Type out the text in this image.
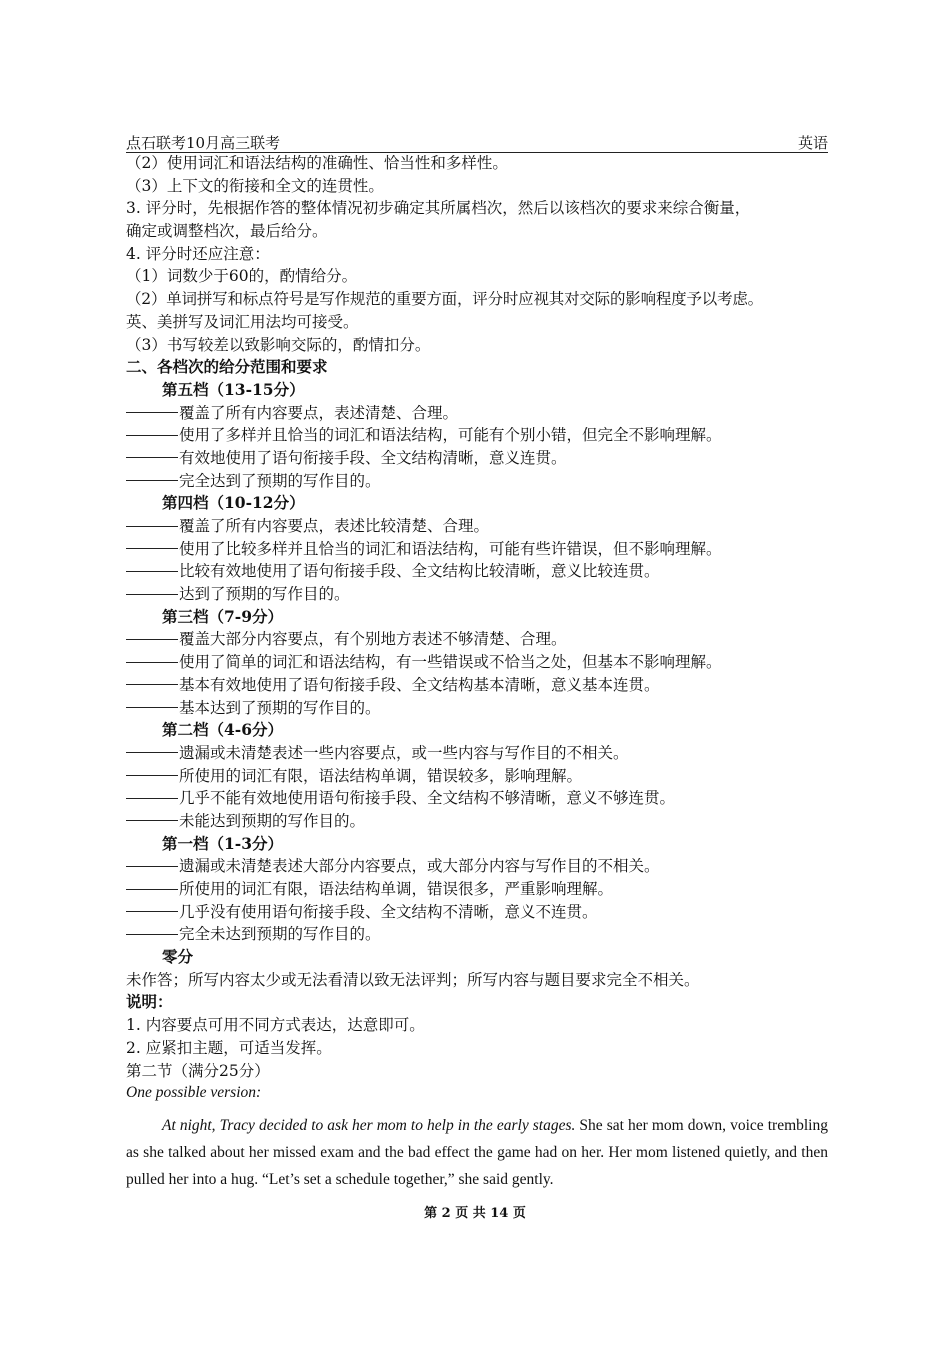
点石联考10月高三联考	英语
（2）使用词汇和语法结构的准确性、恰当性和多样性。
（3）上下文的衔接和全文的连贯性。
3. 评分时，先根据作答的整体情况初步确定其所属档次，然后以该档次的要求来综合衡量，
确定或调整档次，最后给分。
4. 评分时还应注意：
（1）词数少于60的，酌情给分。
（2）单词拼写和标点符号是写作规范的重要方面，评分时应视其对交际的影响程度予以考虑。
英、美拼写及词汇用法均可接受。
（3）书写较差以致影响交际的，酌情扣分。
二、各档次的给分范围和要求
第五档（13-15分）
覆盖了所有内容要点，表述清楚、合理。
使用了多样并且恰当的词汇和语法结构，可能有个别小错，但完全不影响理解。
有效地使用了语句衔接手段、全文结构清晰，意义连贯。
完全达到了预期的写作目的。
第四档（10-12分）
覆盖了所有内容要点，表述比较清楚、合理。
使用了比较多样并且恰当的词汇和语法结构，可能有些许错误，但不影响理解。
比较有效地使用了语句衔接手段、全文结构比较清晰，意义比较连贯。
达到了预期的写作目的。
第三档（7-9分）
覆盖大部分内容要点，有个别地方表述不够清楚、合理。
使用了简单的词汇和语法结构，有一些错误或不恰当之处，但基本不影响理解。
基本有效地使用了语句衔接手段、全文结构基本清晰，意义基本连贯。
基本达到了预期的写作目的。
第二档（4-6分）
遗漏或未清楚表述一些内容要点，或一些内容与写作目的不相关。
所使用的词汇有限，语法结构单调，错误较多，影响理解。
几乎不能有效地使用语句衔接手段、全文结构不够清晰，意义不够连贯。
未能达到预期的写作目的。
第一档（1-3分）
遗漏或未清楚表述大部分内容要点，或大部分内容与写作目的不相关。
所使用的词汇有限，语法结构单调，错误很多，严重影响理解。
几乎没有使用语句衔接手段、全文结构不清晰，意义不连贯。
完全未达到预期的写作目的。
零分
未作答；所写内容太少或无法看清以致无法评判；所写内容与题目要求完全不相关。
说明：
1. 内容要点可用不同方式表达，达意即可。
2. 应紧扣主题，可适当发挥。
第二节（满分25分）
One possible version:

At night, Tracy decided to ask her mom to help in the early stages. She sat her mom down, voice trembling as she talked about her missed exam and the bad effect the game had on her. Her mom listened quietly, and then pulled her into a hug. “Let’s set a schedule together,” she said gently.

第 2 页 共 14 页
